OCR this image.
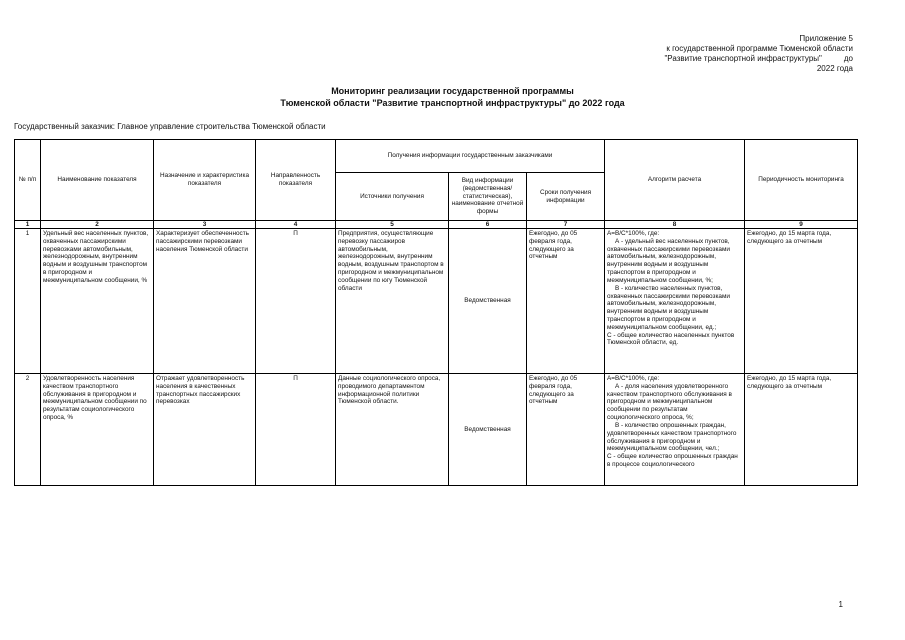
Приложение 5
к государственной программе Тюменской области
"Развитие транспортной инфраструктуры"	до
2022 года
Мониторинг реализации государственной программы
Тюменской области "Развитие транспортной инфраструктуры" до 2022 года
Государственный заказчик: Главное управление строительства Тюменской области
№ п/п	Наименование показателя	Назначение и характеристика показателя	Направленность показателя	Получения информации государственным заказчиками			Алгоритм расчета	Периодичность мониторинга
				Источники получения	Вид информации (ведомственная/ статистическая), наименование отчетной формы	Сроки получения информации		
1	2	3	4	5	6	7	8	9
1	Удельный вес населенных пунктов, охваченных пассажирскими перевозками автомобильным, железнодорожным, внутренним водным и воздушным транспортом в пригородном и межмуниципальном сообщении, %	Характеризует обеспеченность пассажирскими перевозками населения Тюменской области	П	Предприятия, осуществляющие перевозку пассажиров автомобильным, железнодорожным, внутренним водным, воздушным транспортом в пригородном и межмуниципальном сообщении по югу Тюменской области	Ведомственная	Ежегодно, до 05 февраля года, следующего за отчетным	А=В/С*100%, где:
А - удельный вес населенных пунктов, охваченных пассажирскими перевозками автомобильным, железнодорожным, внутренним водным и воздушным транспортом в пригородном и межмуниципальном сообщении, %;
В - количество населенных пунктов, охваченных пассажирскими перевозками автомобильным, железнодорожным, внутренним водным и воздушным транспортом в пригородном и межмуниципальном сообщении, ед.;
С - общее количество населенных пунктов Тюменской области, ед.	Ежегодно, до 15 марта года, следующего за отчетным
2	Удовлетворенность населения качеством транспортного обслуживания в пригородном и межмуниципальном сообщении по результатам социологического опроса, %	Отражает удовлетворенность населения в качественных транспортных пассажирских перевозках	П	Данные социологического опроса, проводимого департаментом информационной политики Тюменской области.	Ведомственная	Ежегодно, до 05 февраля года, следующего за отчетным	А=В/С*100%, где:
А - доля населения удовлетворенного качеством транспортного обслуживания в пригородном и межмуниципальном сообщении по результатам социологического опроса, %;
В - количество опрошенных граждан, удовлетворенных качеством транспортного обслуживания в пригородном и межмуниципальном сообщении, чел.;
С - общее количество опрошенных граждан в процессе социологического	Ежегодно, до 15 марта года, следующего за отчетным
1
